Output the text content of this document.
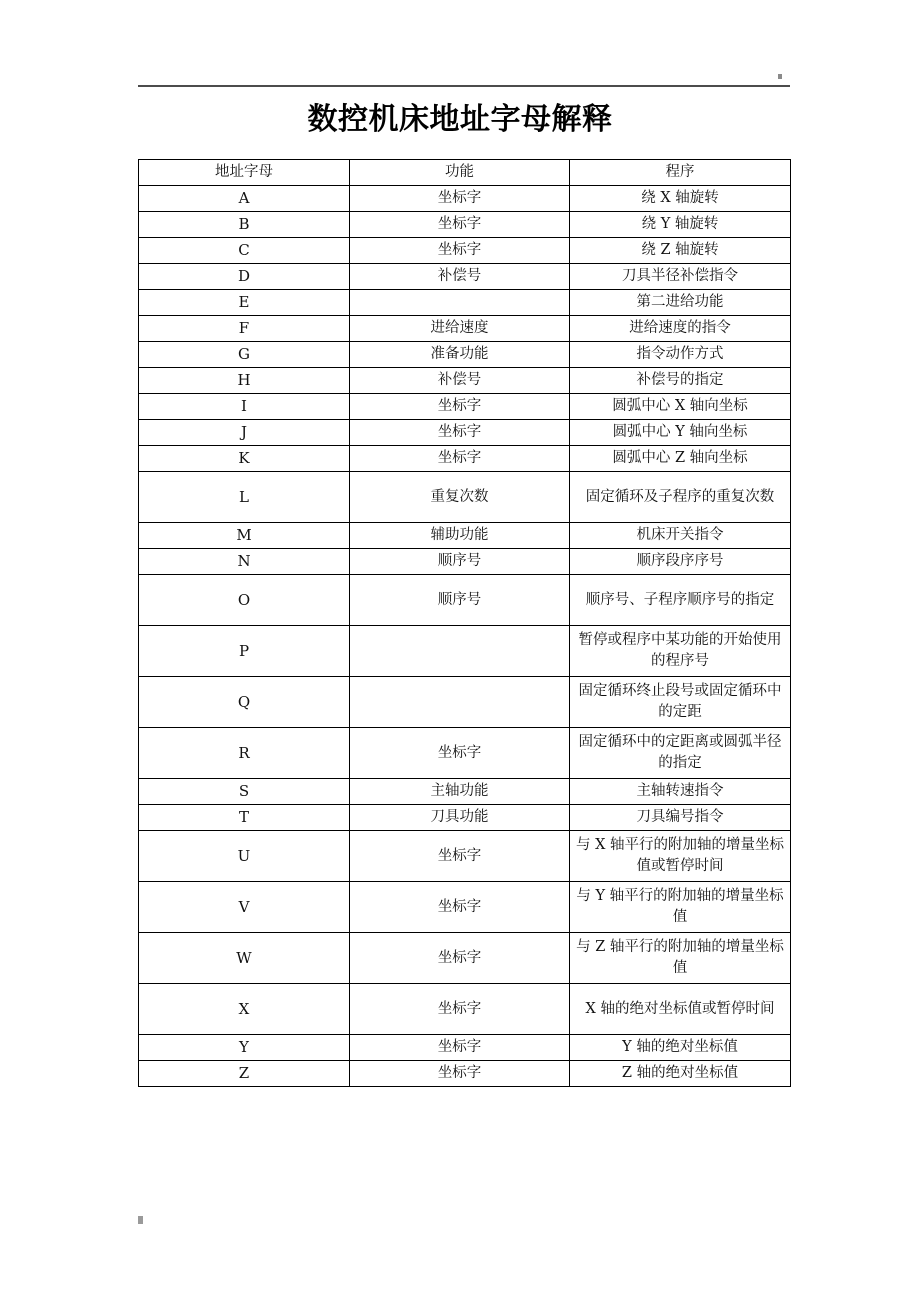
·
数控机床地址字母解释
地址字母	功能	程序
A	坐标字	绕 X 轴旋转
B	坐标字	绕 Y 轴旋转
C	坐标字	绕 Z 轴旋转
D	补偿号	刀具半径补偿指令
E		第二进给功能
F	进给速度	进给速度的指令
G	准备功能	指令动作方式
H	补偿号	补偿号的指定
I	坐标字	圆弧中心 X 轴向坐标
J	坐标字	圆弧中心 Y 轴向坐标
K	坐标字	圆弧中心 Z 轴向坐标
L	重复次数	固定循环及子程序的重复次数
M	辅助功能	机床开关指令
N	顺序号	顺序段序序号
O	顺序号	顺序号、子程序顺序号的指定
P		暂停或程序中某功能的开始使用的程序号
Q		固定循环终止段号或固定循环中的定距
R	坐标字	固定循环中的定距离或圆弧半径的指定
S	主轴功能	主轴转速指令
T	刀具功能	刀具编号指令
U	坐标字	与 X 轴平行的附加轴的增量坐标值或暂停时间
V	坐标字	与 Y 轴平行的附加轴的增量坐标值
W	坐标字	与 Z 轴平行的附加轴的增量坐标值
X	坐标字	X 轴的绝对坐标值或暂停时间
Y	坐标字	Y 轴的绝对坐标值
Z	坐标字	Z 轴的绝对坐标值
·
